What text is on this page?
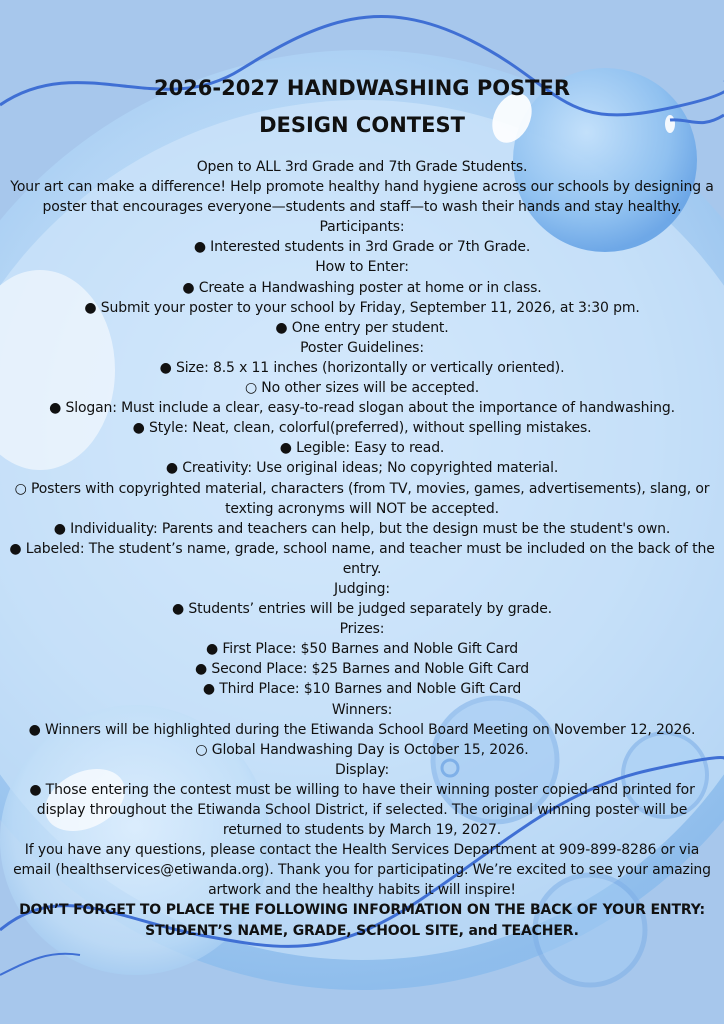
2026-2027 HANDWASHING POSTER
DESIGN CONTEST
Open to ALL 3rd Grade and 7th Grade Students.
Your art can make a difference! Help promote healthy hand hygiene across our schools by designing a
poster that encourages everyone—students and staff—to wash their hands and stay healthy.
Participants:
● Interested students in 3rd Grade or 7th Grade.
How to Enter:
● Create a Handwashing poster at home or in class.
● Submit your poster to your school by Friday, September 11, 2026, at 3:30 pm.
● One entry per student.
Poster Guidelines:
● Size: 8.5 x 11 inches (horizontally or vertically oriented).
○ No other sizes will be accepted.
● Slogan: Must include a clear, easy-to-read slogan about the importance of handwashing.
● Style: Neat, clean, colorful(preferred), without spelling mistakes.
● Legible: Easy to read.
● Creativity: Use original ideas; No copyrighted material.
○ Posters with copyrighted material, characters (from TV, movies, games, advertisements), slang, or
texting acronyms will NOT be accepted.
● Individuality: Parents and teachers can help, but the design must be the student's own.
● Labeled: The student’s name, grade, school name, and teacher must be included on the back of the
entry.
Judging:
● Students’ entries will be judged separately by grade.
Prizes:
● First Place: $50 Barnes and Noble Gift Card
● Second Place: $25 Barnes and Noble Gift Card
● Third Place: $10 Barnes and Noble Gift Card
Winners:
● Winners will be highlighted during the Etiwanda School Board Meeting on November 12, 2026.
○ Global Handwashing Day is October 15, 2026.
Display:
● Those entering the contest must be willing to have their winning poster copied and printed for
display throughout the Etiwanda School District, if selected. The original winning poster will be
returned to students by March 19, 2027.
If you have any questions, please contact the Health Services Department at 909-899-8286 or via
email (healthservices@etiwanda.org). Thank you for participating. We’re excited to see your amazing
artwork and the healthy habits it will inspire!
DON’T FORGET TO PLACE THE FOLLOWING INFORMATION ON THE BACK OF YOUR ENTRY:
STUDENT’S NAME, GRADE, SCHOOL SITE, and TEACHER.
